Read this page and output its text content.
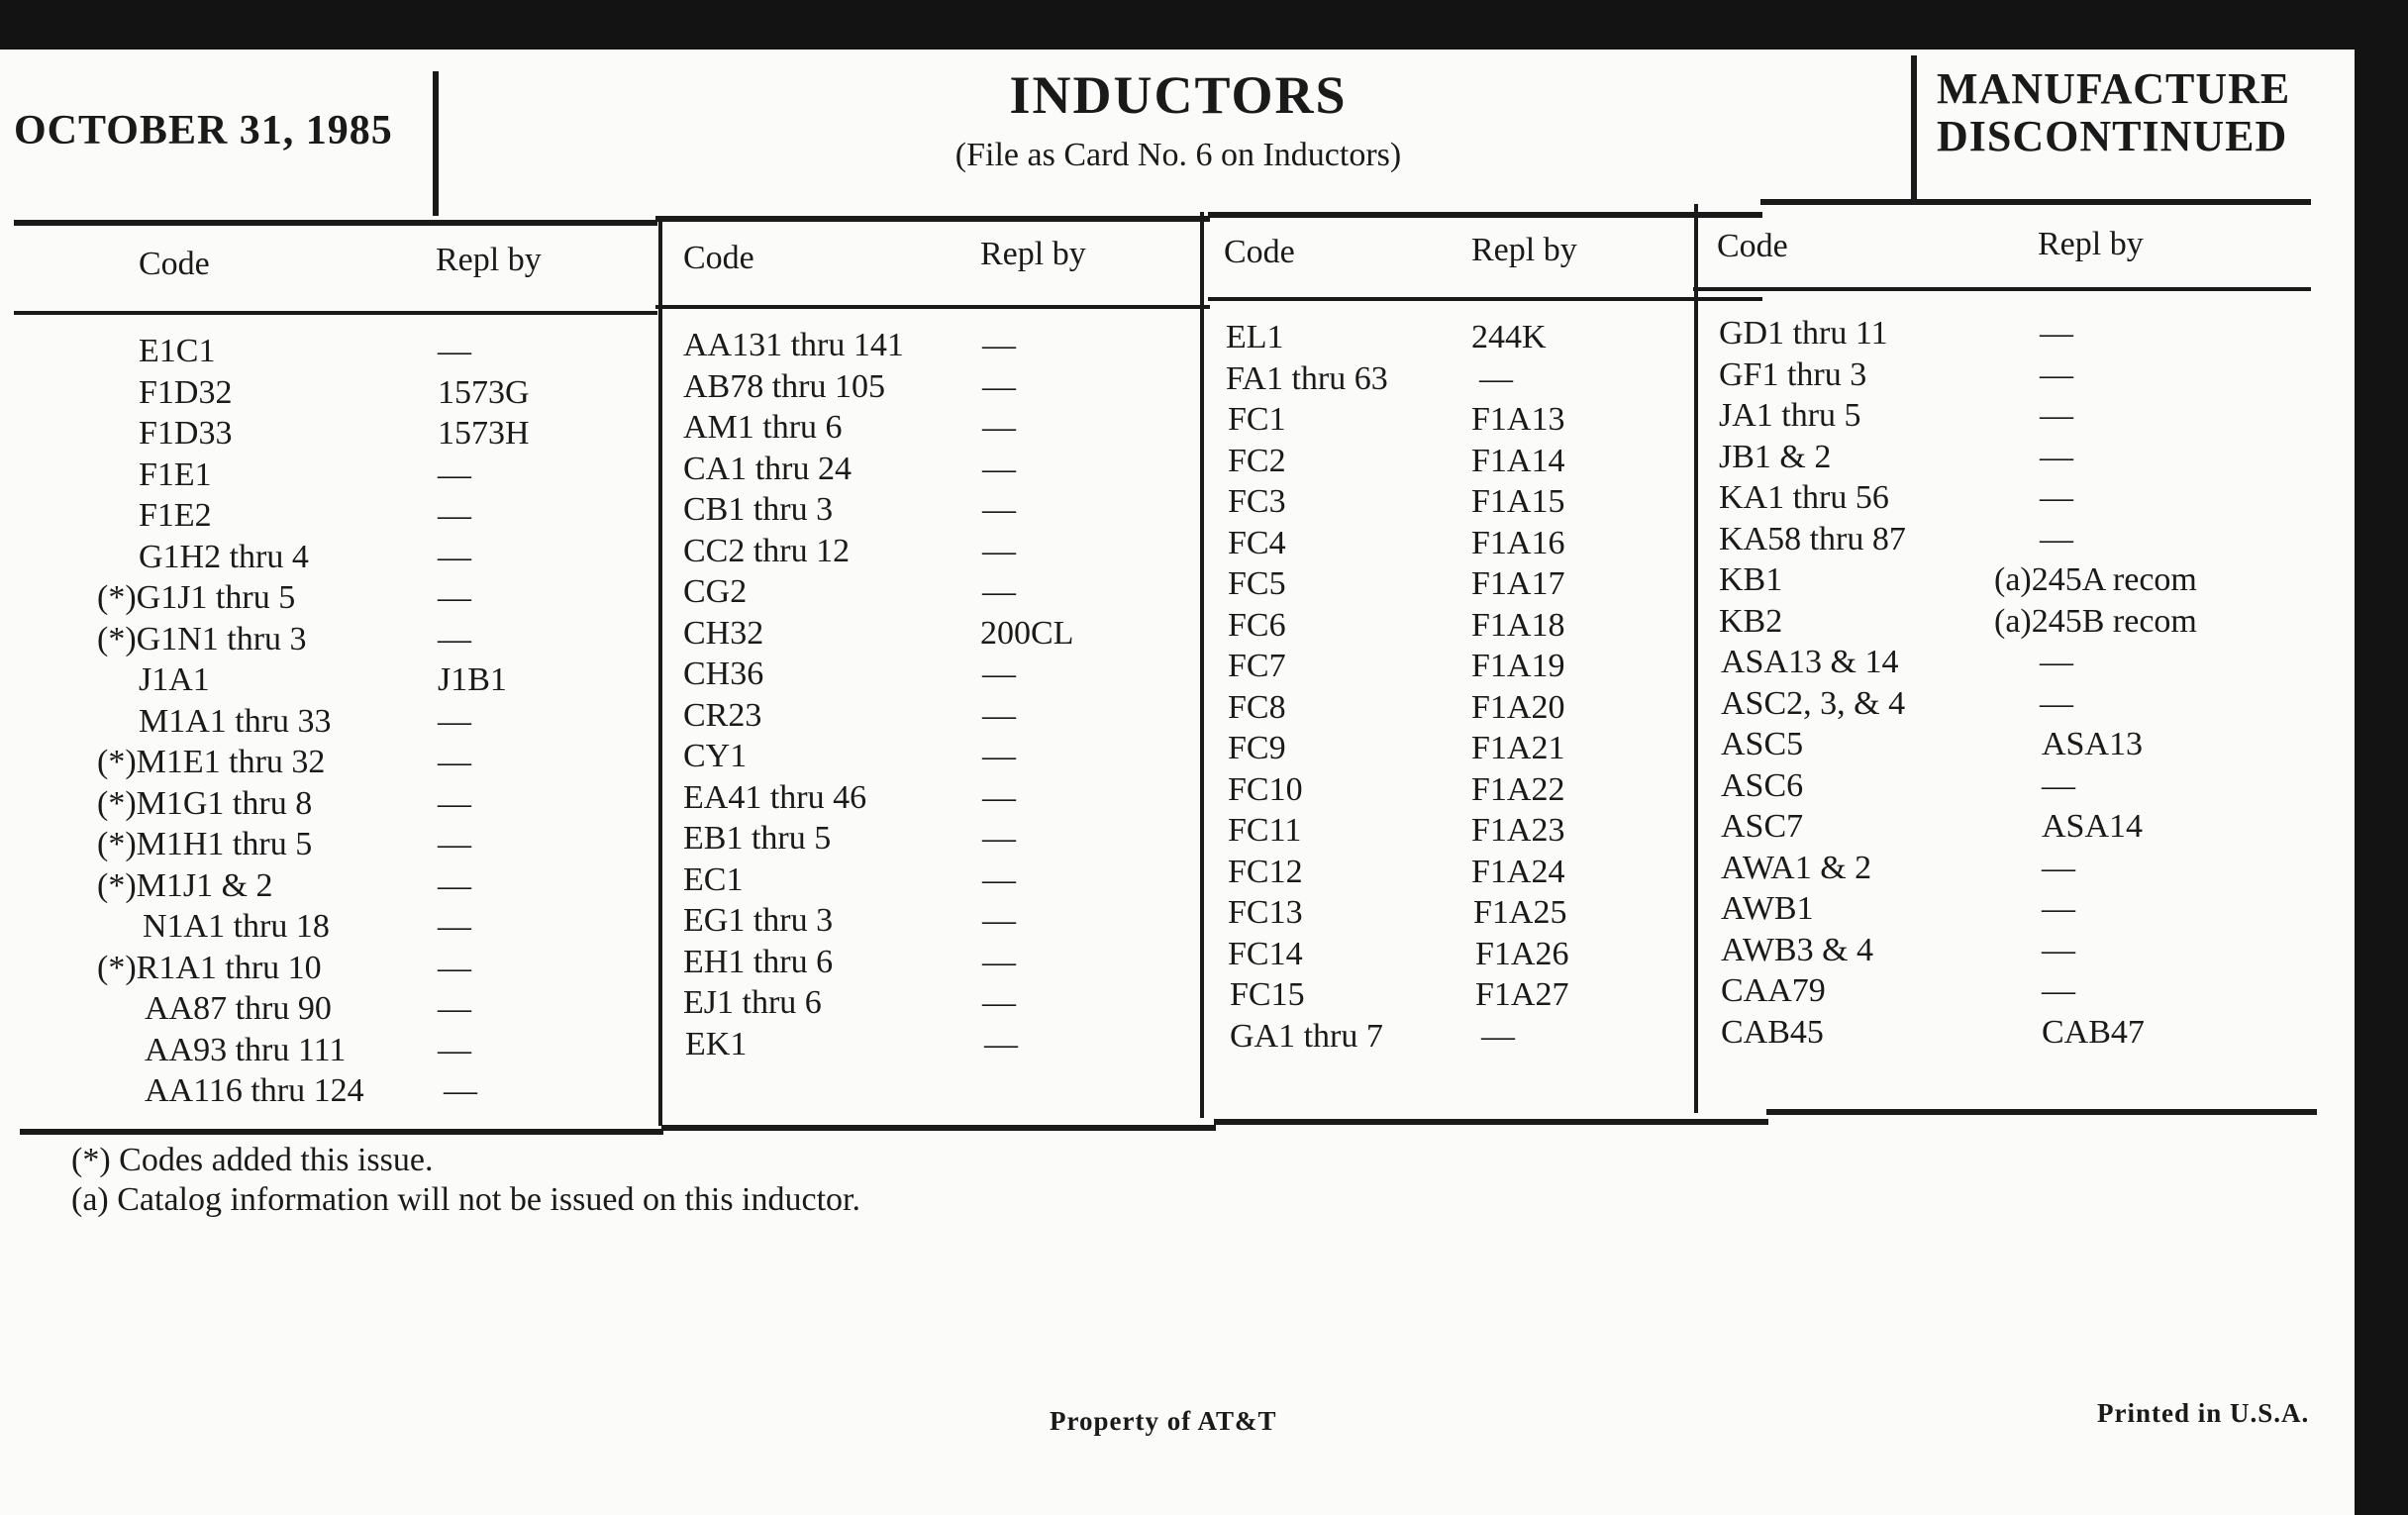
OCTOBER 31, 1985
INDUCTORS
(File as Card No. 6 on Inductors)
MANUFACTURE
DISCONTINUED
Code	Repl by
E1C1	—
F1D32	1573G
F1D33	1573H
F1E1	—
F1E2	—
G1H2 thru 4	—
(*)G1J1 thru 5	—
(*)G1N1 thru 3	—
J1A1	J1B1
M1A1 thru 33	—
(*)M1E1 thru 32	—
(*)M1G1 thru 8	—
(*)M1H1 thru 5	—
(*)M1J1 & 2	—
N1A1 thru 18	—
(*)R1A1 thru 10	—
AA87 thru 90	—
AA93 thru 111	—
AA116 thru 124 —
Code	Repl by
AA131 thru 141 —
AB78 thru 105	—
AM1 thru 6	—
CA1 thru 24	—
CB1 thru 3	—
CC2 thru 12	—
CG2	—
CH32	200CL
CH36	—
CR23	—
CY1	—
EA41 thru 46	—
EB1 thru 5	—
EC1	—
EG1 thru 3	—
EH1 thru 6	—
EJ1 thru 6	—
EK1	—
Code	Repl by
EL1	244K
FA1 thru 63	—
FC1	F1A13
FC2	F1A14
FC3	F1A15
FC4	F1A16
FC5	F1A17
FC6	F1A18
FC7	F1A19
FC8	F1A20
FC9	F1A21
FC10	F1A22
FC11	F1A23
FC12	F1A24
FC13	F1A25
FC14	F1A26
FC15	F1A27
GA1 thru 7	—
Code	Repl by
GD1 thru 11	—
GF1 thru 3	—
JA1 thru 5	—
JB1 & 2	—
KA1 thru 56	—
KA58 thru 87	—
KB1	(a)245A recom
KB2	(a)245B recom
ASA13 & 14	—
ASC2, 3, & 4	—
ASC5	ASA13
ASC6	—
ASC7	ASA14
AWA1 & 2	—
AWB1	—
AWB3 & 4	—
CAA79	—
CAB45	CAB47
(*) Codes added this issue.
(a) Catalog information will not be issued on this inductor.
Property of AT&T	Printed in U.S.A.
